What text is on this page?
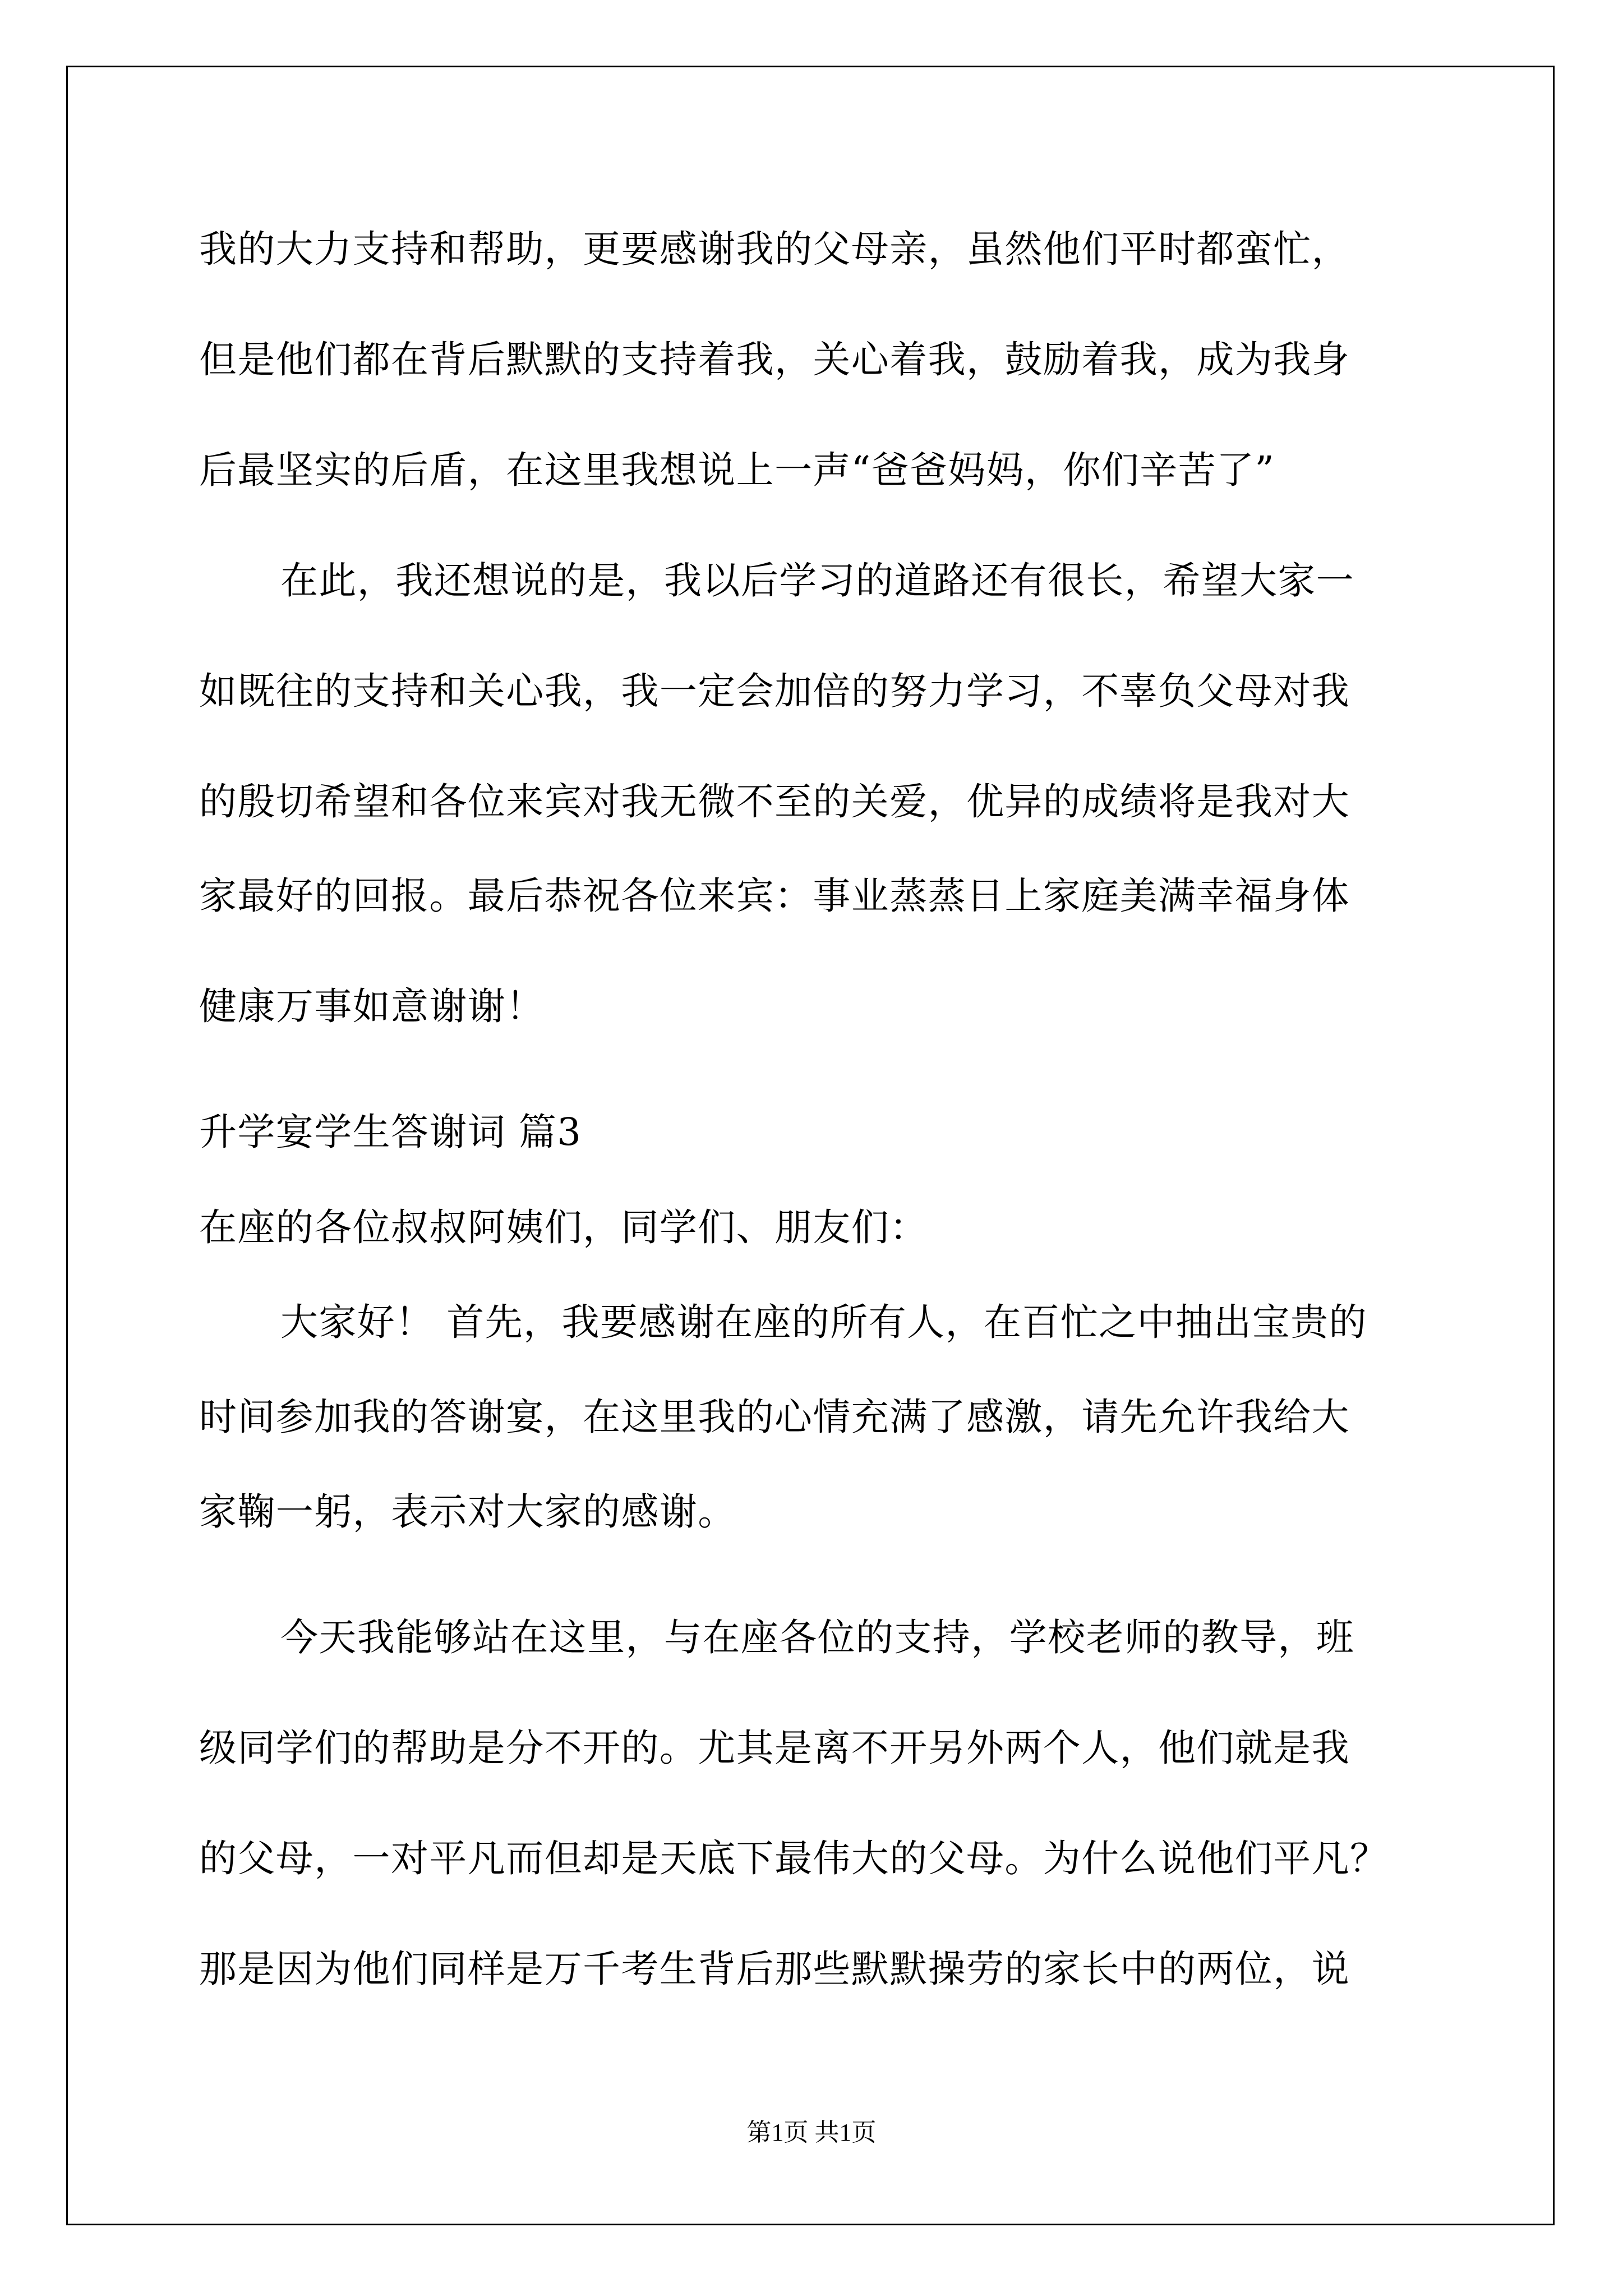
我的大力支持和帮助，更要感谢我的父母亲，虽然他们平时都蛮忙，

但是他们都在背后默默的支持着我，关心着我，鼓励着我，成为我身

后最坚实的后盾，在这里我想说上一声“爸爸妈妈，你们辛苦了”

在此，我还想说的是，我以后学习的道路还有很长，希望大家一

如既往的支持和关心我，我一定会加倍的努力学习，不辜负父母对我

的殷切希望和各位来宾对我无微不至的关爱，优异的成绩将是我对大

家最好的回报。最后恭祝各位来宾：事业蒸蒸日上家庭美满幸福身体

健康万事如意谢谢！

升学宴学生答谢词 篇3

在座的各位叔叔阿姨们，同学们、朋友们：

大家好！ 首先，我要感谢在座的所有人，在百忙之中抽出宝贵的

时间参加我的答谢宴，在这里我的心情充满了感激，请先允许我给大

家鞠一躬，表示对大家的感谢。

今天我能够站在这里，与在座各位的支持，学校老师的教导，班

级同学们的帮助是分不开的。尤其是离不开另外两个人，他们就是我

的父母，一对平凡而但却是天底下最伟大的父母。为什么说他们平凡？

那是因为他们同样是万千考生背后那些默默操劳的家长中的两位，说

第1页 共1页
